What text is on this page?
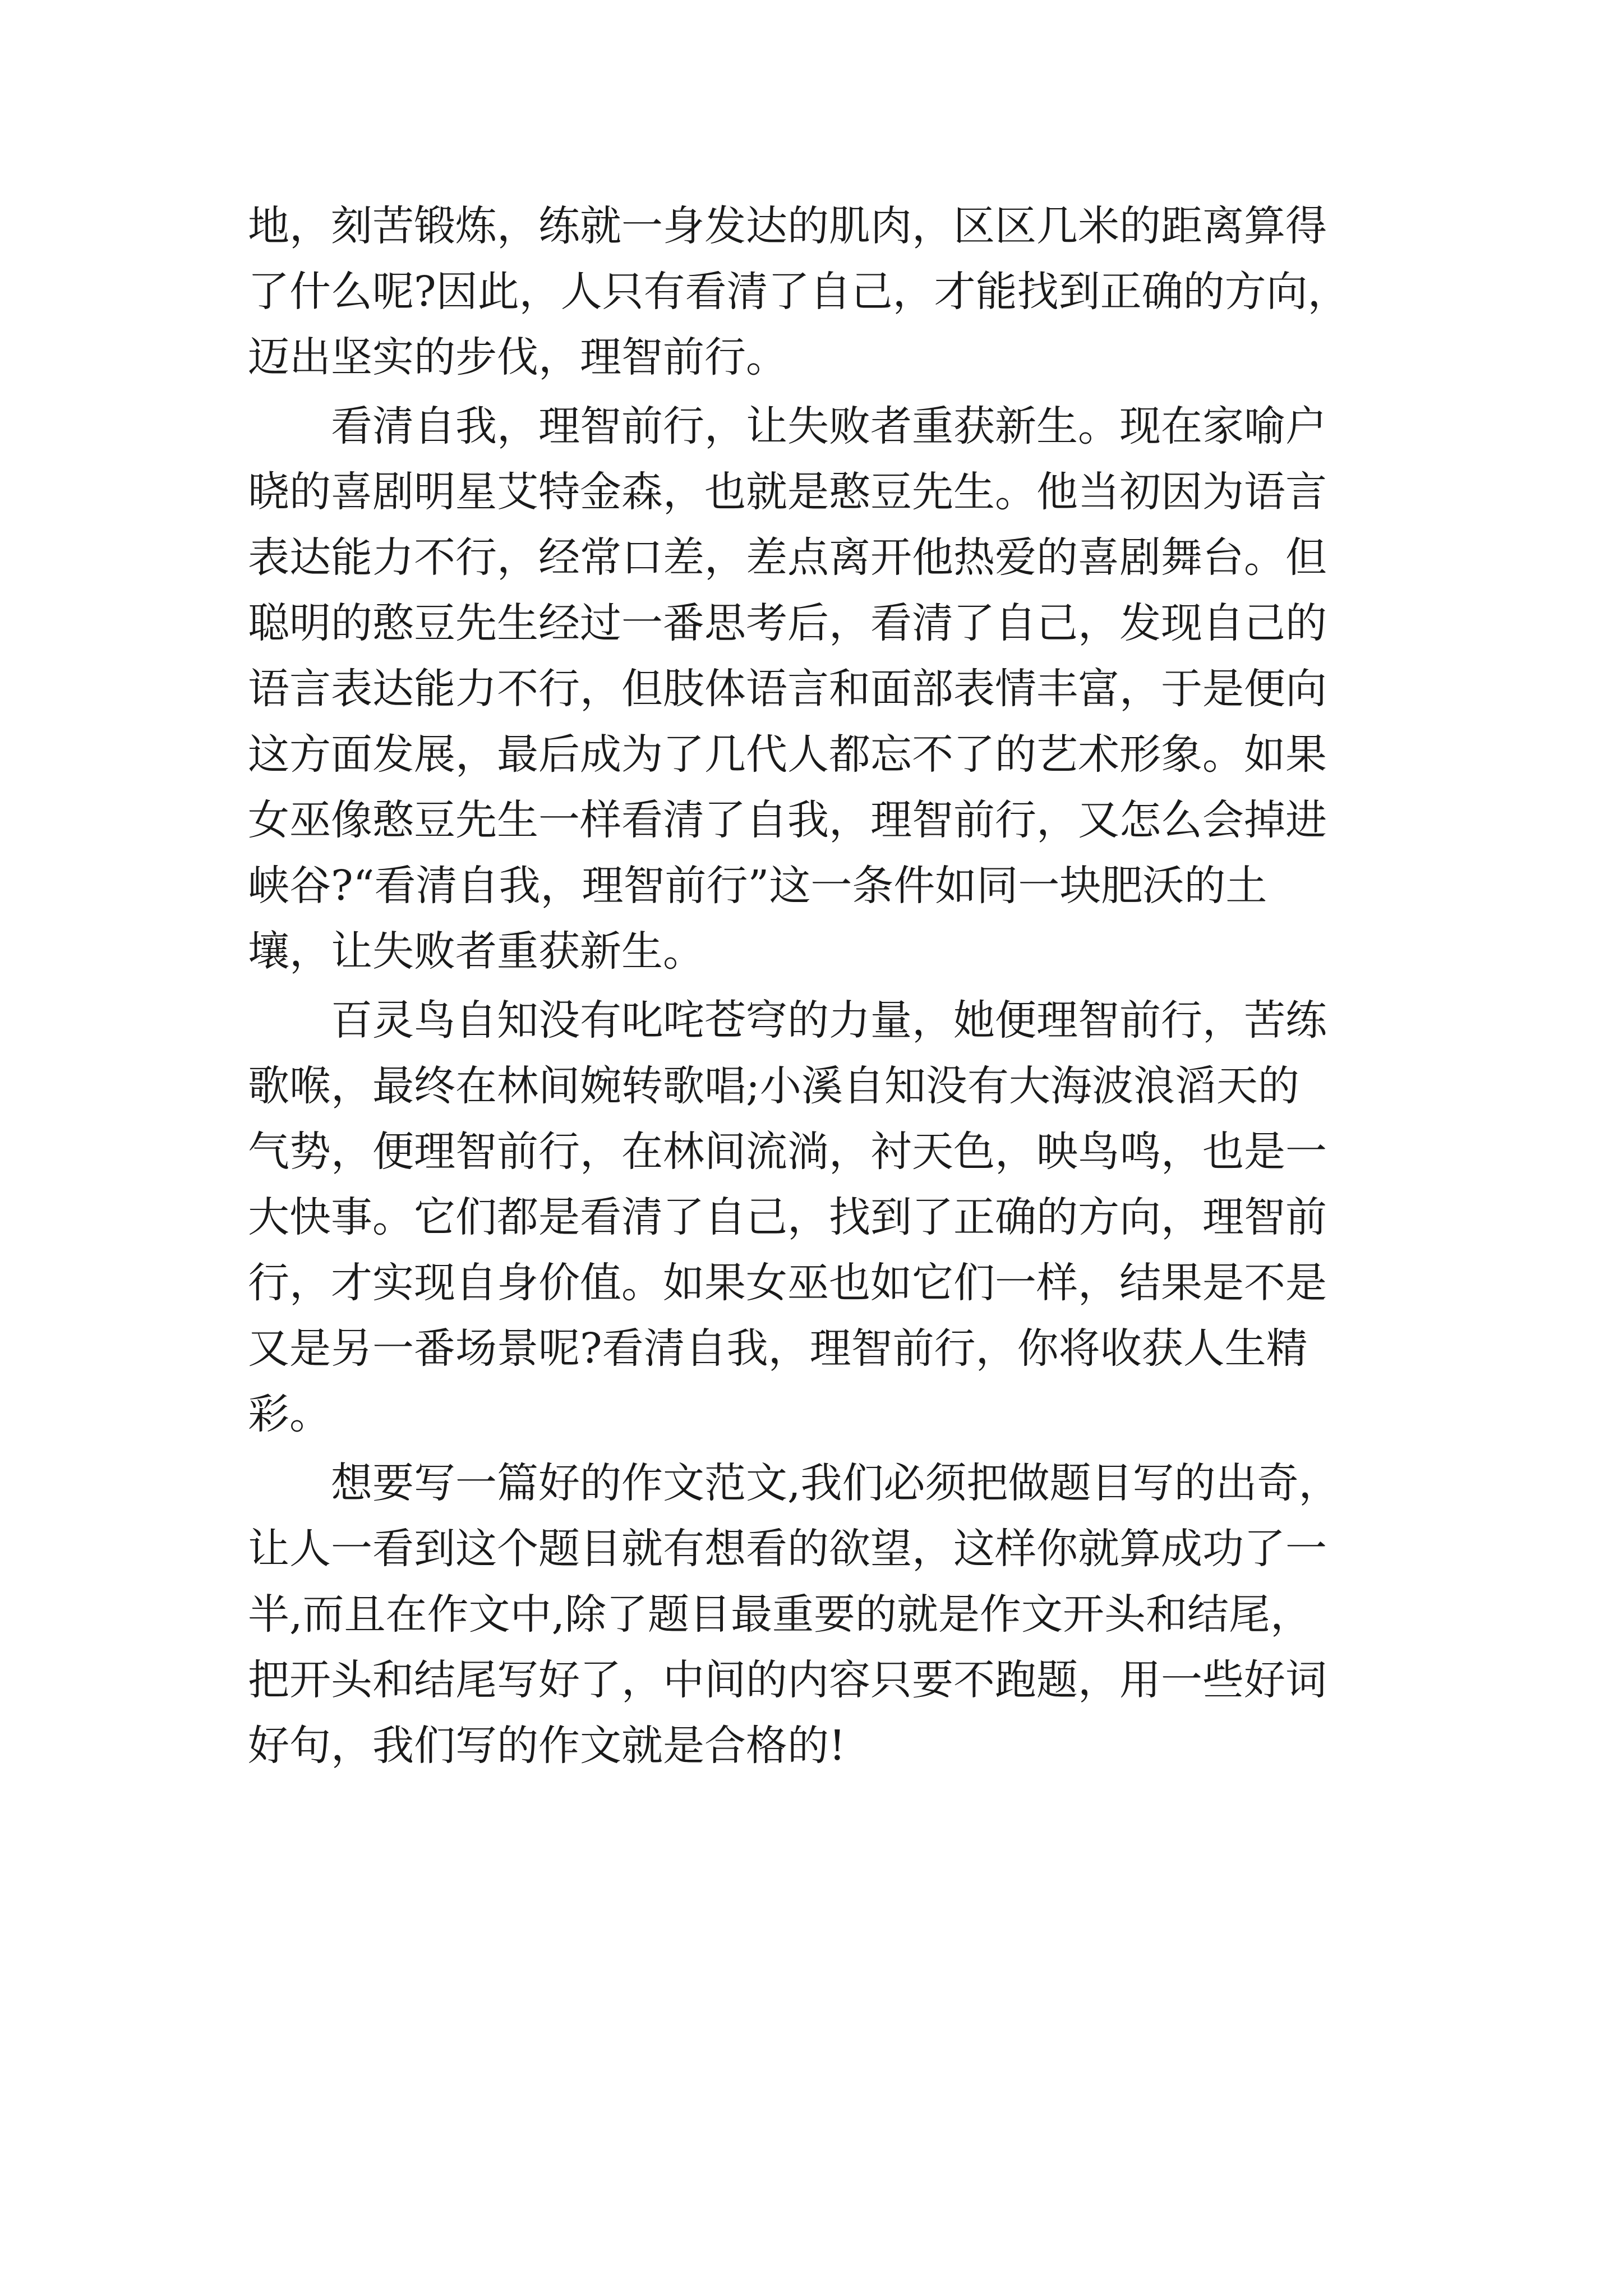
地，刻苦锻炼，练就一身发达的肌肉，区区几米的距离算得
了什么呢?因此，人只有看清了自己，才能找到正确的方向，
迈出坚实的步伐，理智前行。
　　看清自我，理智前行，让失败者重获新生。现在家喻户
晓的喜剧明星艾特金森，也就是憨豆先生。他当初因为语言
表达能力不行，经常口差，差点离开他热爱的喜剧舞台。但
聪明的憨豆先生经过一番思考后，看清了自己，发现自己的
语言表达能力不行，但肢体语言和面部表情丰富，于是便向
这方面发展，最后成为了几代人都忘不了的艺术形象。如果
女巫像憨豆先生一样看清了自我，理智前行，又怎么会掉进
峡谷?“看清自我，理智前行”这一条件如同一块肥沃的土
壤，让失败者重获新生。
　　百灵鸟自知没有叱咤苍穹的力量，她便理智前行，苦练
歌喉，最终在林间婉转歌唱;小溪自知没有大海波浪滔天的
气势，便理智前行，在林间流淌，衬天色，映鸟鸣，也是一
大快事。它们都是看清了自己，找到了正确的方向，理智前
行，才实现自身价值。如果女巫也如它们一样，结果是不是
又是另一番场景呢?看清自我，理智前行，你将收获人生精
彩。
　　想要写一篇好的作文范文,我们必须把做题目写的出奇，
让人一看到这个题目就有想看的欲望，这样你就算成功了一
半,而且在作文中,除了题目最重要的就是作文开头和结尾，
把开头和结尾写好了，中间的内容只要不跑题，用一些好词
好句，我们写的作文就是合格的!
